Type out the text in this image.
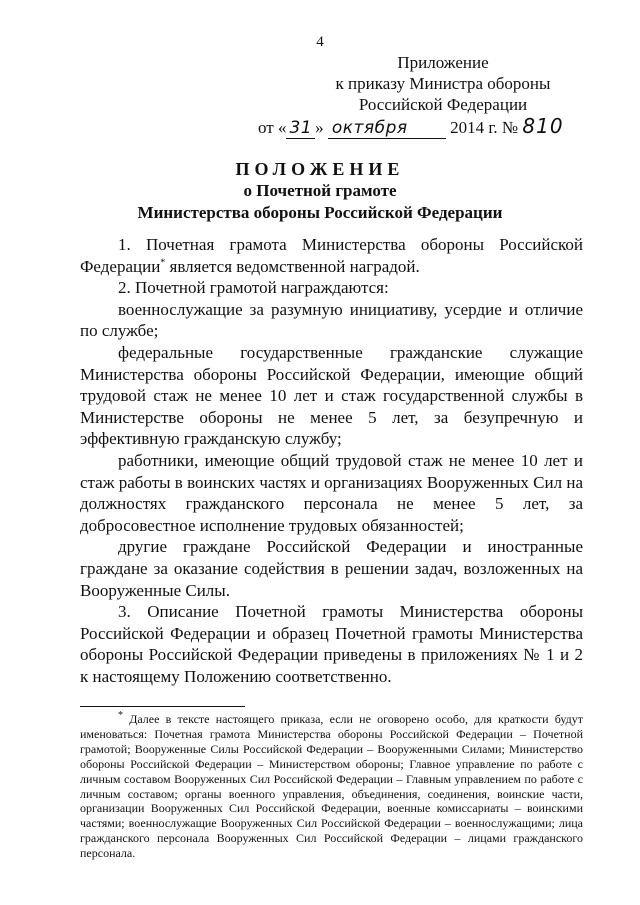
4
Приложение
к приказу Министра обороны
Российской Федерации
от « 31 » октября 2014 г. № 810
ПОЛОЖЕНИЕ
о Почетной грамоте
Министерства обороны Российской Федерации

1. Почетная грамота Министерства обороны Российской Федерации* является ведомственной наградой.

2. Почетной грамотой награждаются:

военнослужащие за разумную инициативу, усердие и отличие по службе;

федеральные государственные гражданские служащие Министерства обороны Российской Федерации, имеющие общий трудовой стаж не менее 10 лет и стаж государственной службы в Министерстве обороны не менее 5 лет, за безупречную и эффективную гражданскую службу;

работники, имеющие общий трудовой стаж не менее 10 лет и стаж работы в воинских частях и организациях Вооруженных Сил на должностях гражданского персонала не менее 5 лет, за добросовестное исполнение трудовых обязанностей;

другие граждане Российской Федерации и иностранные граждане за оказание содействия в решении задач, возложенных на Вооруженные Силы.

3. Описание Почетной грамоты Министерства обороны Российской Федерации и образец Почетной грамоты Министерства обороны Российской Федерации приведены в приложениях № 1 и 2 к настоящему Положению соответственно.

* Далее в тексте настоящего приказа, если не оговорено особо, для краткости будут именоваться: Почетная грамота Министерства обороны Российской Федерации – Почетной грамотой; Вооруженные Силы Российской Федерации – Вооруженными Силами; Министерство обороны Российской Федерации – Министерством обороны; Главное управление по работе с личным составом Вооруженных Сил Российской Федерации – Главным управлением по работе с личным составом; органы военного управления, объединения, соединения, воинские части, организации Вооруженных Сил Российской Федерации, военные комиссариаты – воинскими частями; военнослужащие Вооруженных Сил Российской Федерации – военнослужащими; лица гражданского персонала Вооруженных Сил Российской Федерации – лицами гражданского персонала.
